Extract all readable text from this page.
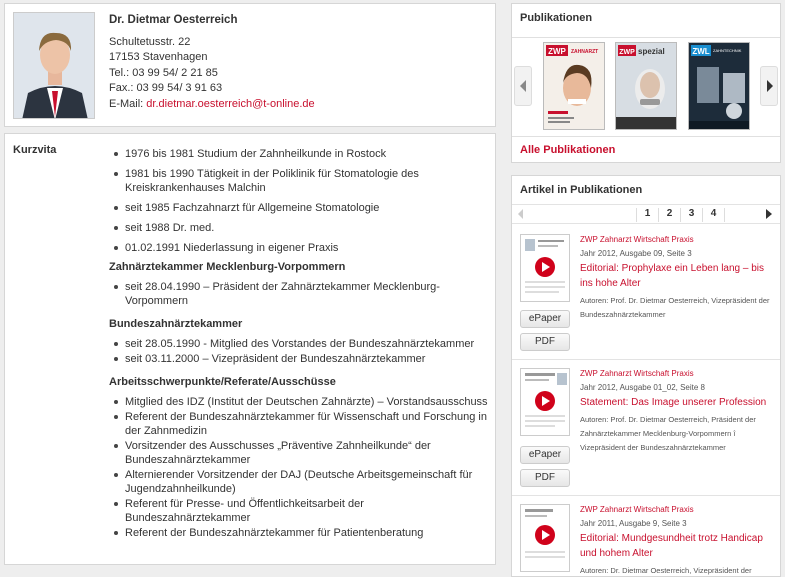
Dr. Dietmar Oesterreich
Schultetusstr. 22
17153 Stavenhagen
Tel.: 03 99 54/ 2 21 85
Fax.: 03 99 54/ 3 91 63
E-Mail: dr.dietmar.oesterreich@t-online.de
Kurzvita	1976 bis 1981 Studium der Zahnheilkunde in Rostock
1981 bis 1990 Tätigkeit in der Poliklinik für Stomatologie des Kreiskrankenhauses Malchin
seit 1985 Fachzahnarzt für Allgemeine Stomatologie
seit 1988 Dr. med.
01.02.1991 Niederlassung in eigener Praxis
Zahnärztekammer Mecklenburg-Vorpommern
seit 28.04.1990 – Präsident der Zahnärztekammer Mecklenburg-Vorpommern
Bundeszahnärztekammer
seit 28.05.1990 - Mitglied des Vorstandes der Bundeszahnärztekammer
seit 03.11.2000 – Vizepräsident der Bundeszahnärztekammer
Arbeitsschwerpunkte/Referate/Ausschüsse
Mitglied des IDZ (Institut der Deutschen Zahnärzte) – Vorstandsausschuss
Referent der Bundeszahnärztekammer für Wissenschaft und Forschung in der Zahnmedizin
Vorsitzender des Ausschusses „Präventive Zahnheilkunde“ der Bundeszahnärztekammer
Alternierender Vorsitzender der DAJ (Deutsche Arbeitsgemeinschaft für Jugendzahnheilkunde)
Referent für Presse- und Öffentlichkeitsarbeit der Bundeszahnärztekammer
Referent der Bundeszahnärztekammer für Patientenberatung
Publikationen
ZWP ZAHNARZT	ZWP spezial	ZWL ZAHNTECHNIK
Alle Publikationen
Artikel in Publikationen
1	2	3	4
ePaper
PDF
ZWP Zahnarzt Wirtschaft Praxis
Jahr 2012, Ausgabe 09, Seite 3
Editorial: Prophylaxe ein Leben lang – bis ins hohe Alter
Autoren: Prof. Dr. Dietmar Oesterreich, Vizepräsident der Bundeszahnärztekammer
ePaper
PDF
ZWP Zahnarzt Wirtschaft Praxis
Jahr 2012, Ausgabe 01_02, Seite 8
Statement: Das Image unserer Profession
Autoren: Prof. Dr. Dietmar Oesterreich, Präsident der Zahnärztekammer Mecklenburg-Vorpommern î Vizepräsident der Bundeszahnärztekammer
ZWP Zahnarzt Wirtschaft Praxis
Jahr 2011, Ausgabe 9, Seite 3
Editorial: Mundgesundheit trotz Handicap und hohem Alter
Autoren: Dr. Dietmar Oesterreich, Vizepräsident der
